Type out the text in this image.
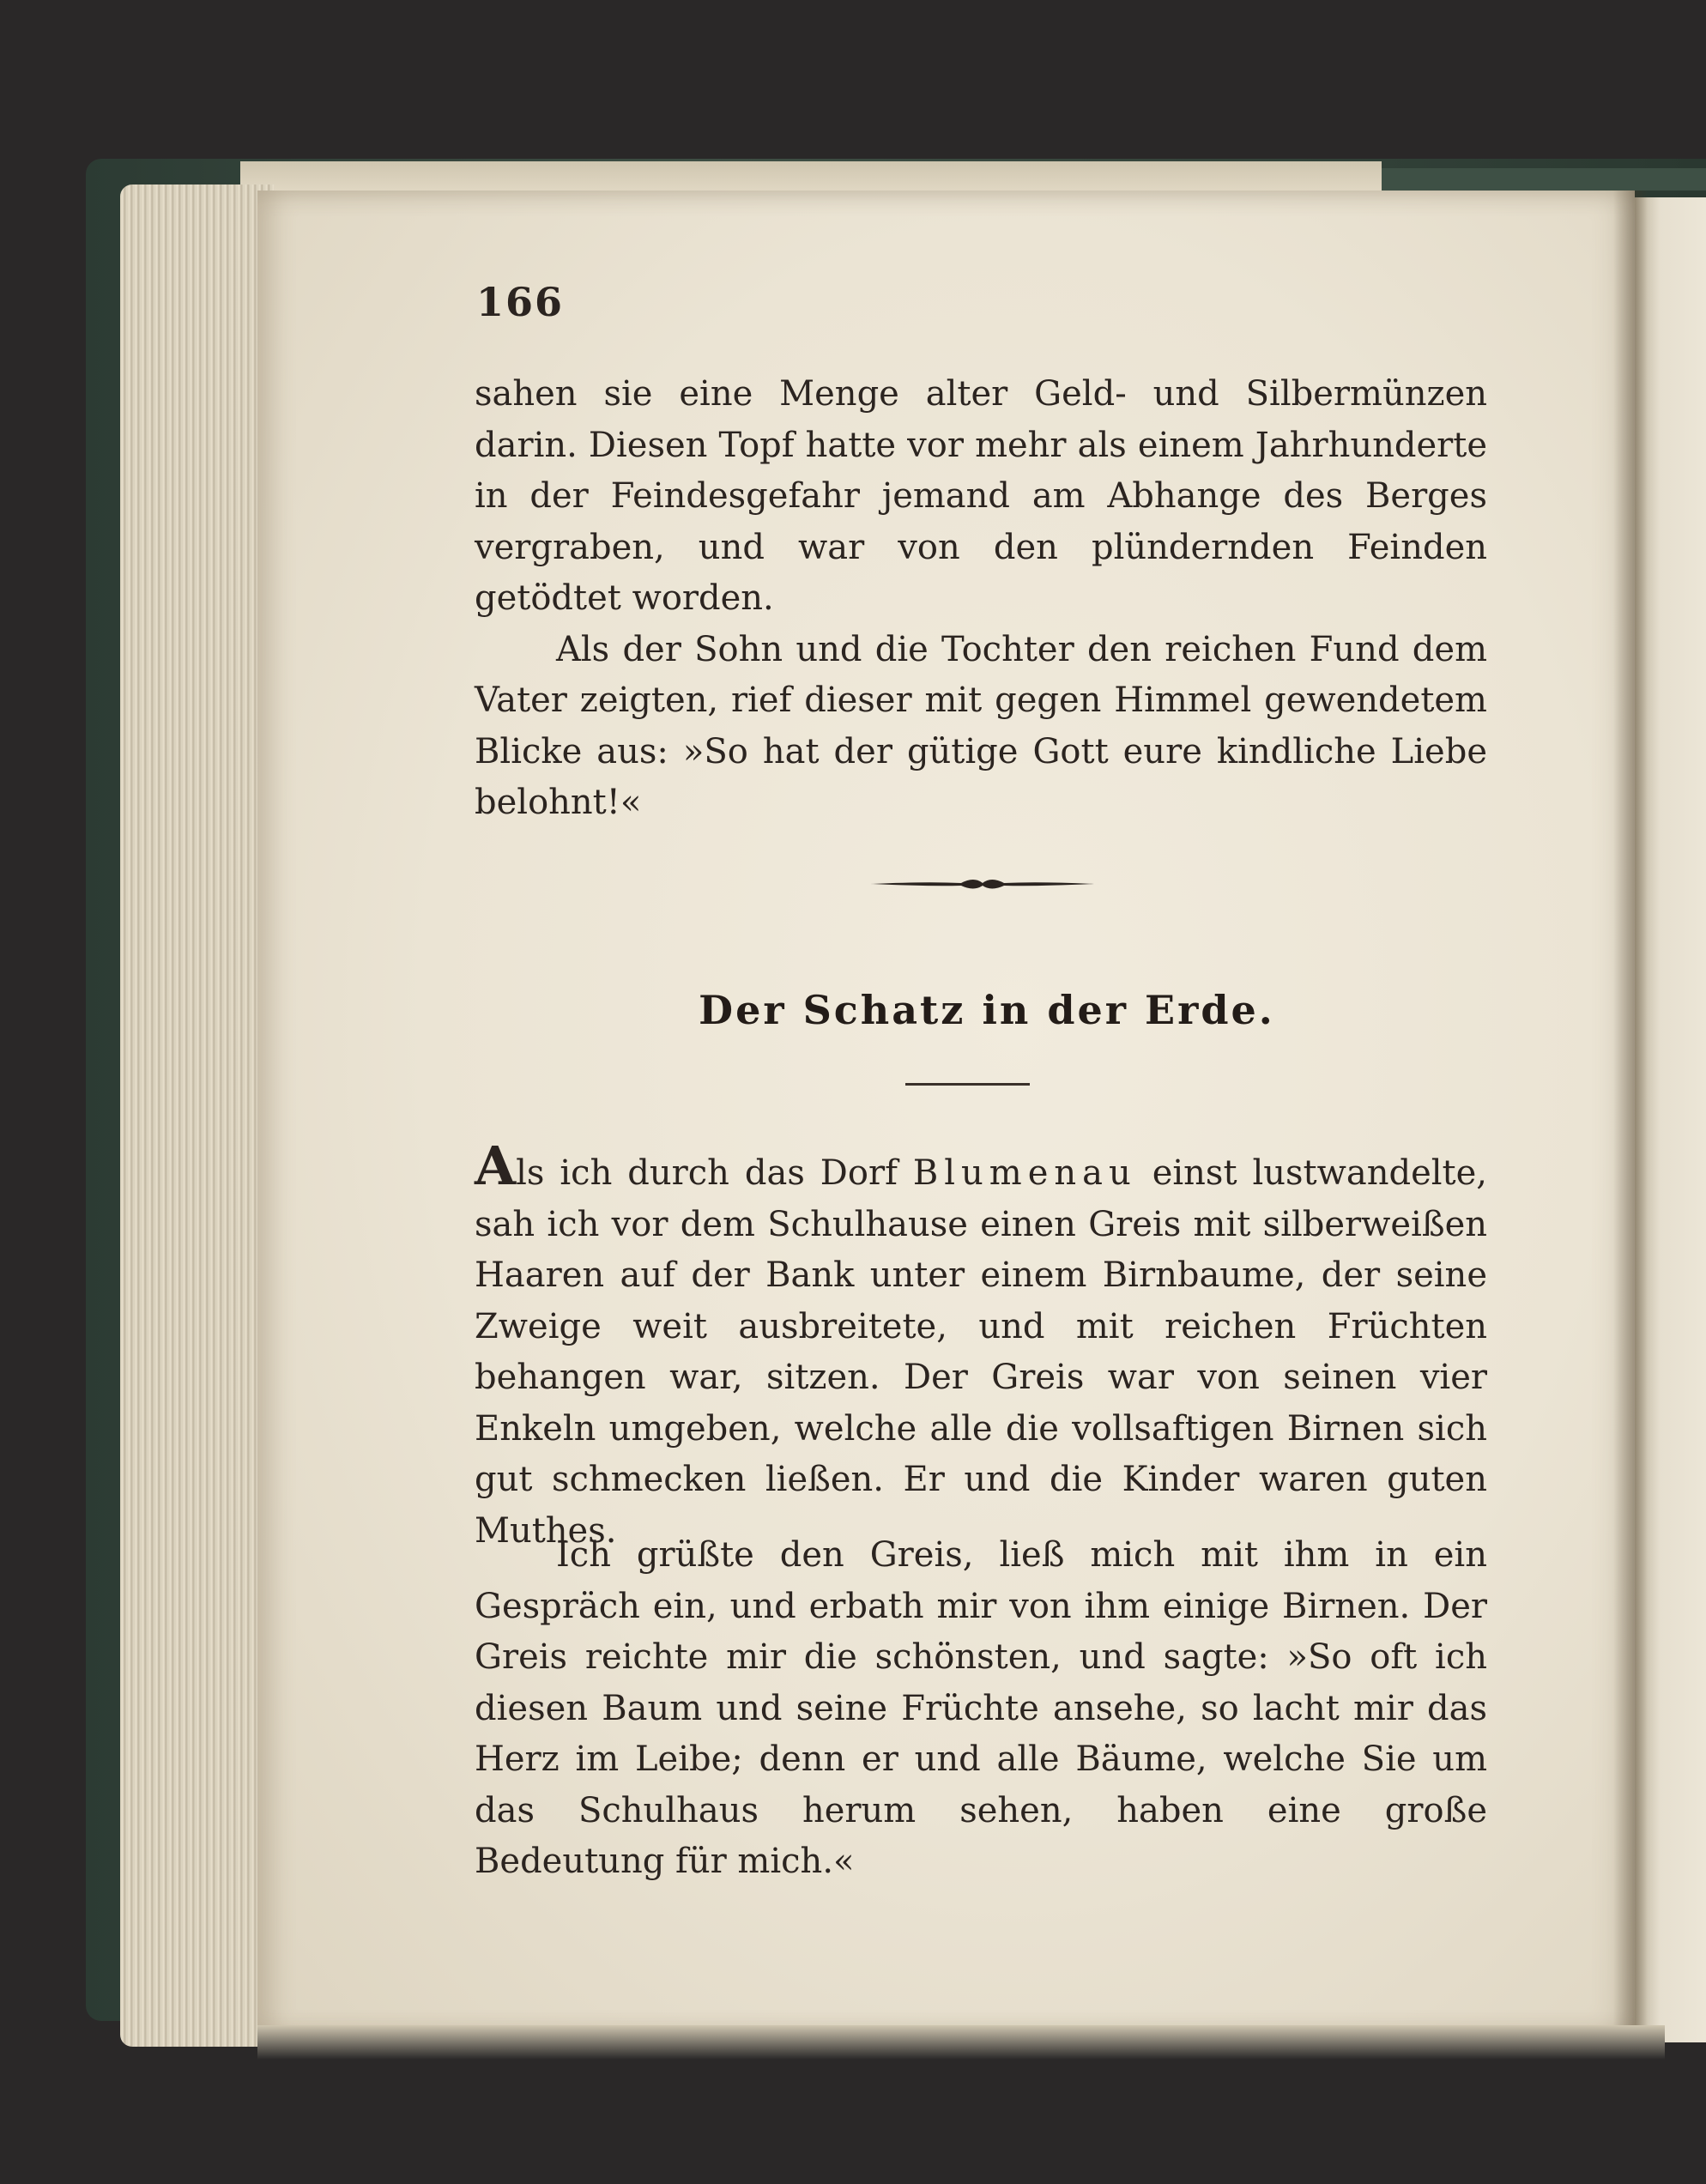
166

sahen sie eine Menge alter Geld- und Silbermünzen darin. Diesen Topf hatte vor mehr als einem Jahrhunderte in der Feindesgefahr jemand am Abhange des Berges vergraben, und war von den plündernden Feinden getödtet worden.
Als der Sohn und die Tochter den reichen Fund dem Vater zeigten, rief dieser mit gegen Himmel gewendetem Blicke aus: »So hat der gütige Gott eure kindliche Liebe belohnt!«

Der Schatz in der Erde.

Als ich durch das Dorf Blumenau einst lustwandelte, sah ich vor dem Schulhause einen Greis mit silberweißen Haaren auf der Bank unter einem Birnbaume, der seine Zweige weit ausbreitete, und mit reichen Früchten behangen war, sitzen. Der Greis war von seinen vier Enkeln umgeben, welche alle die vollsaftigen Birnen sich gut schmecken ließen. Er und die Kinder waren guten Muthes.

Ich grüßte den Greis, ließ mich mit ihm in ein Gespräch ein, und erbath mir von ihm einige Birnen. Der Greis reichte mir die schönsten, und sagte: »So oft ich diesen Baum und seine Früchte ansehe, so lacht mir das Herz im Leibe; denn er und alle Bäume, welche Sie um das Schulhaus herum sehen, haben eine große Bedeutung für mich.«
